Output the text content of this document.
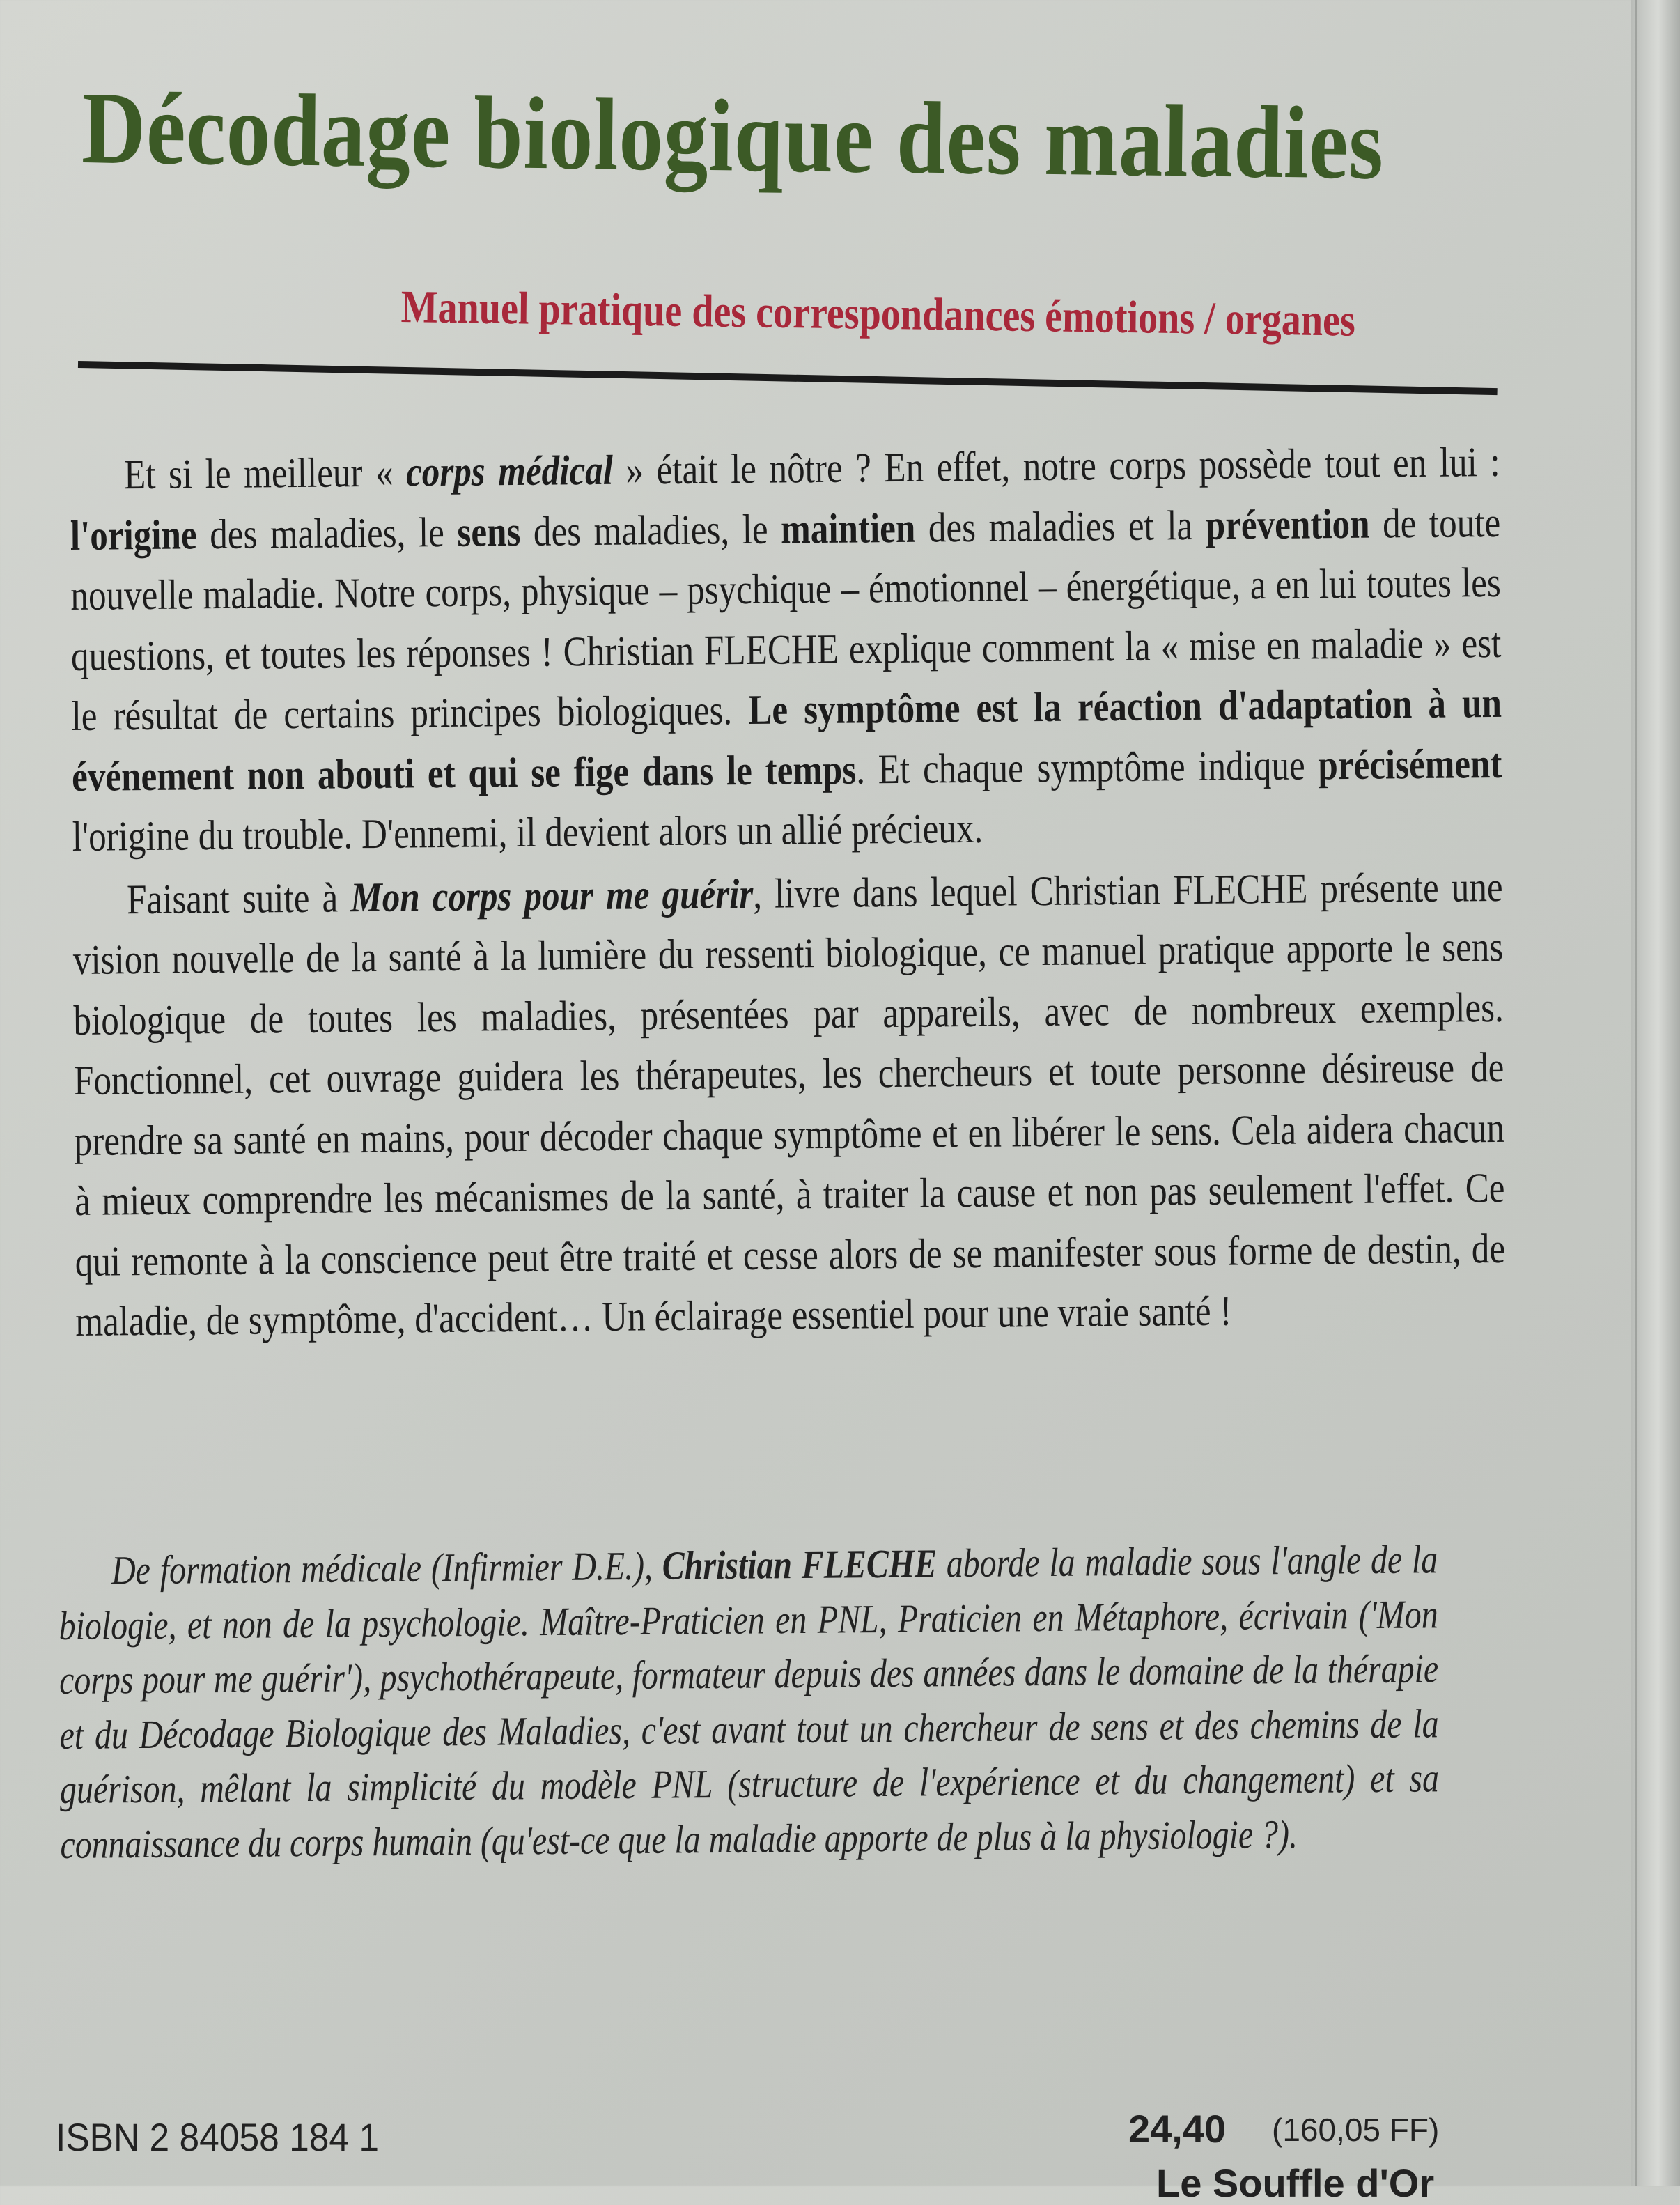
Décodage biologique des maladies
Manuel pratique des correspondances émotions / organes

Et si le meilleur « corps médical » était le nôtre ? En effet, notre corps possède tout en lui : l'origine des maladies, le sens des maladies, le maintien des maladies et la prévention de toute nouvelle maladie. Notre corps, physique – psychique – émotionnel – énergétique, a en lui toutes les questions, et toutes les réponses ! Christian FLECHE explique comment la « mise en maladie » est le résultat de certains principes biologiques. Le symptôme est la réaction d'adaptation à un événement non abouti et qui se fige dans le temps. Et chaque symptôme indique précisément l'origine du trouble. D'ennemi, il devient alors un allié précieux.

Faisant suite à Mon corps pour me guérir, livre dans lequel Christian FLECHE présente une vision nouvelle de la santé à la lumière du ressenti biologique, ce manuel pratique apporte le sens biologique de toutes les maladies, présentées par appareils, avec de nombreux exemples. Fonctionnel, cet ouvrage guidera les thérapeutes, les chercheurs et toute personne désireuse de prendre sa santé en mains, pour décoder chaque symptôme et en libérer le sens. Cela aidera chacun à mieux comprendre les mécanismes de la santé, à traiter la cause et non pas seulement l'effet. Ce qui remonte à la conscience peut être traité et cesse alors de se manifester sous forme de destin, de maladie, de symptôme, d'accident… Un éclairage essentiel pour une vraie santé !

De formation médicale (Infirmier D.E.), Christian FLECHE aborde la maladie sous l'angle de la biologie, et non de la psychologie. Maître-Praticien en PNL, Praticien en Métaphore, écrivain ('Mon corps pour me guérir'), psychothérapeute, formateur depuis des années dans le domaine de la thérapie et du Décodage Biologique des Maladies, c'est avant tout un chercheur de sens et des chemins de la guérison, mêlant la simplicité du modèle PNL (structure de l'expérience et du changement) et sa connaissance du corps humain (qu'est-ce que la maladie apporte de plus à la physiologie ?).

ISBN 2 84058 184 1	24,40 (160,05 FF)

Le Souffle d'Or
